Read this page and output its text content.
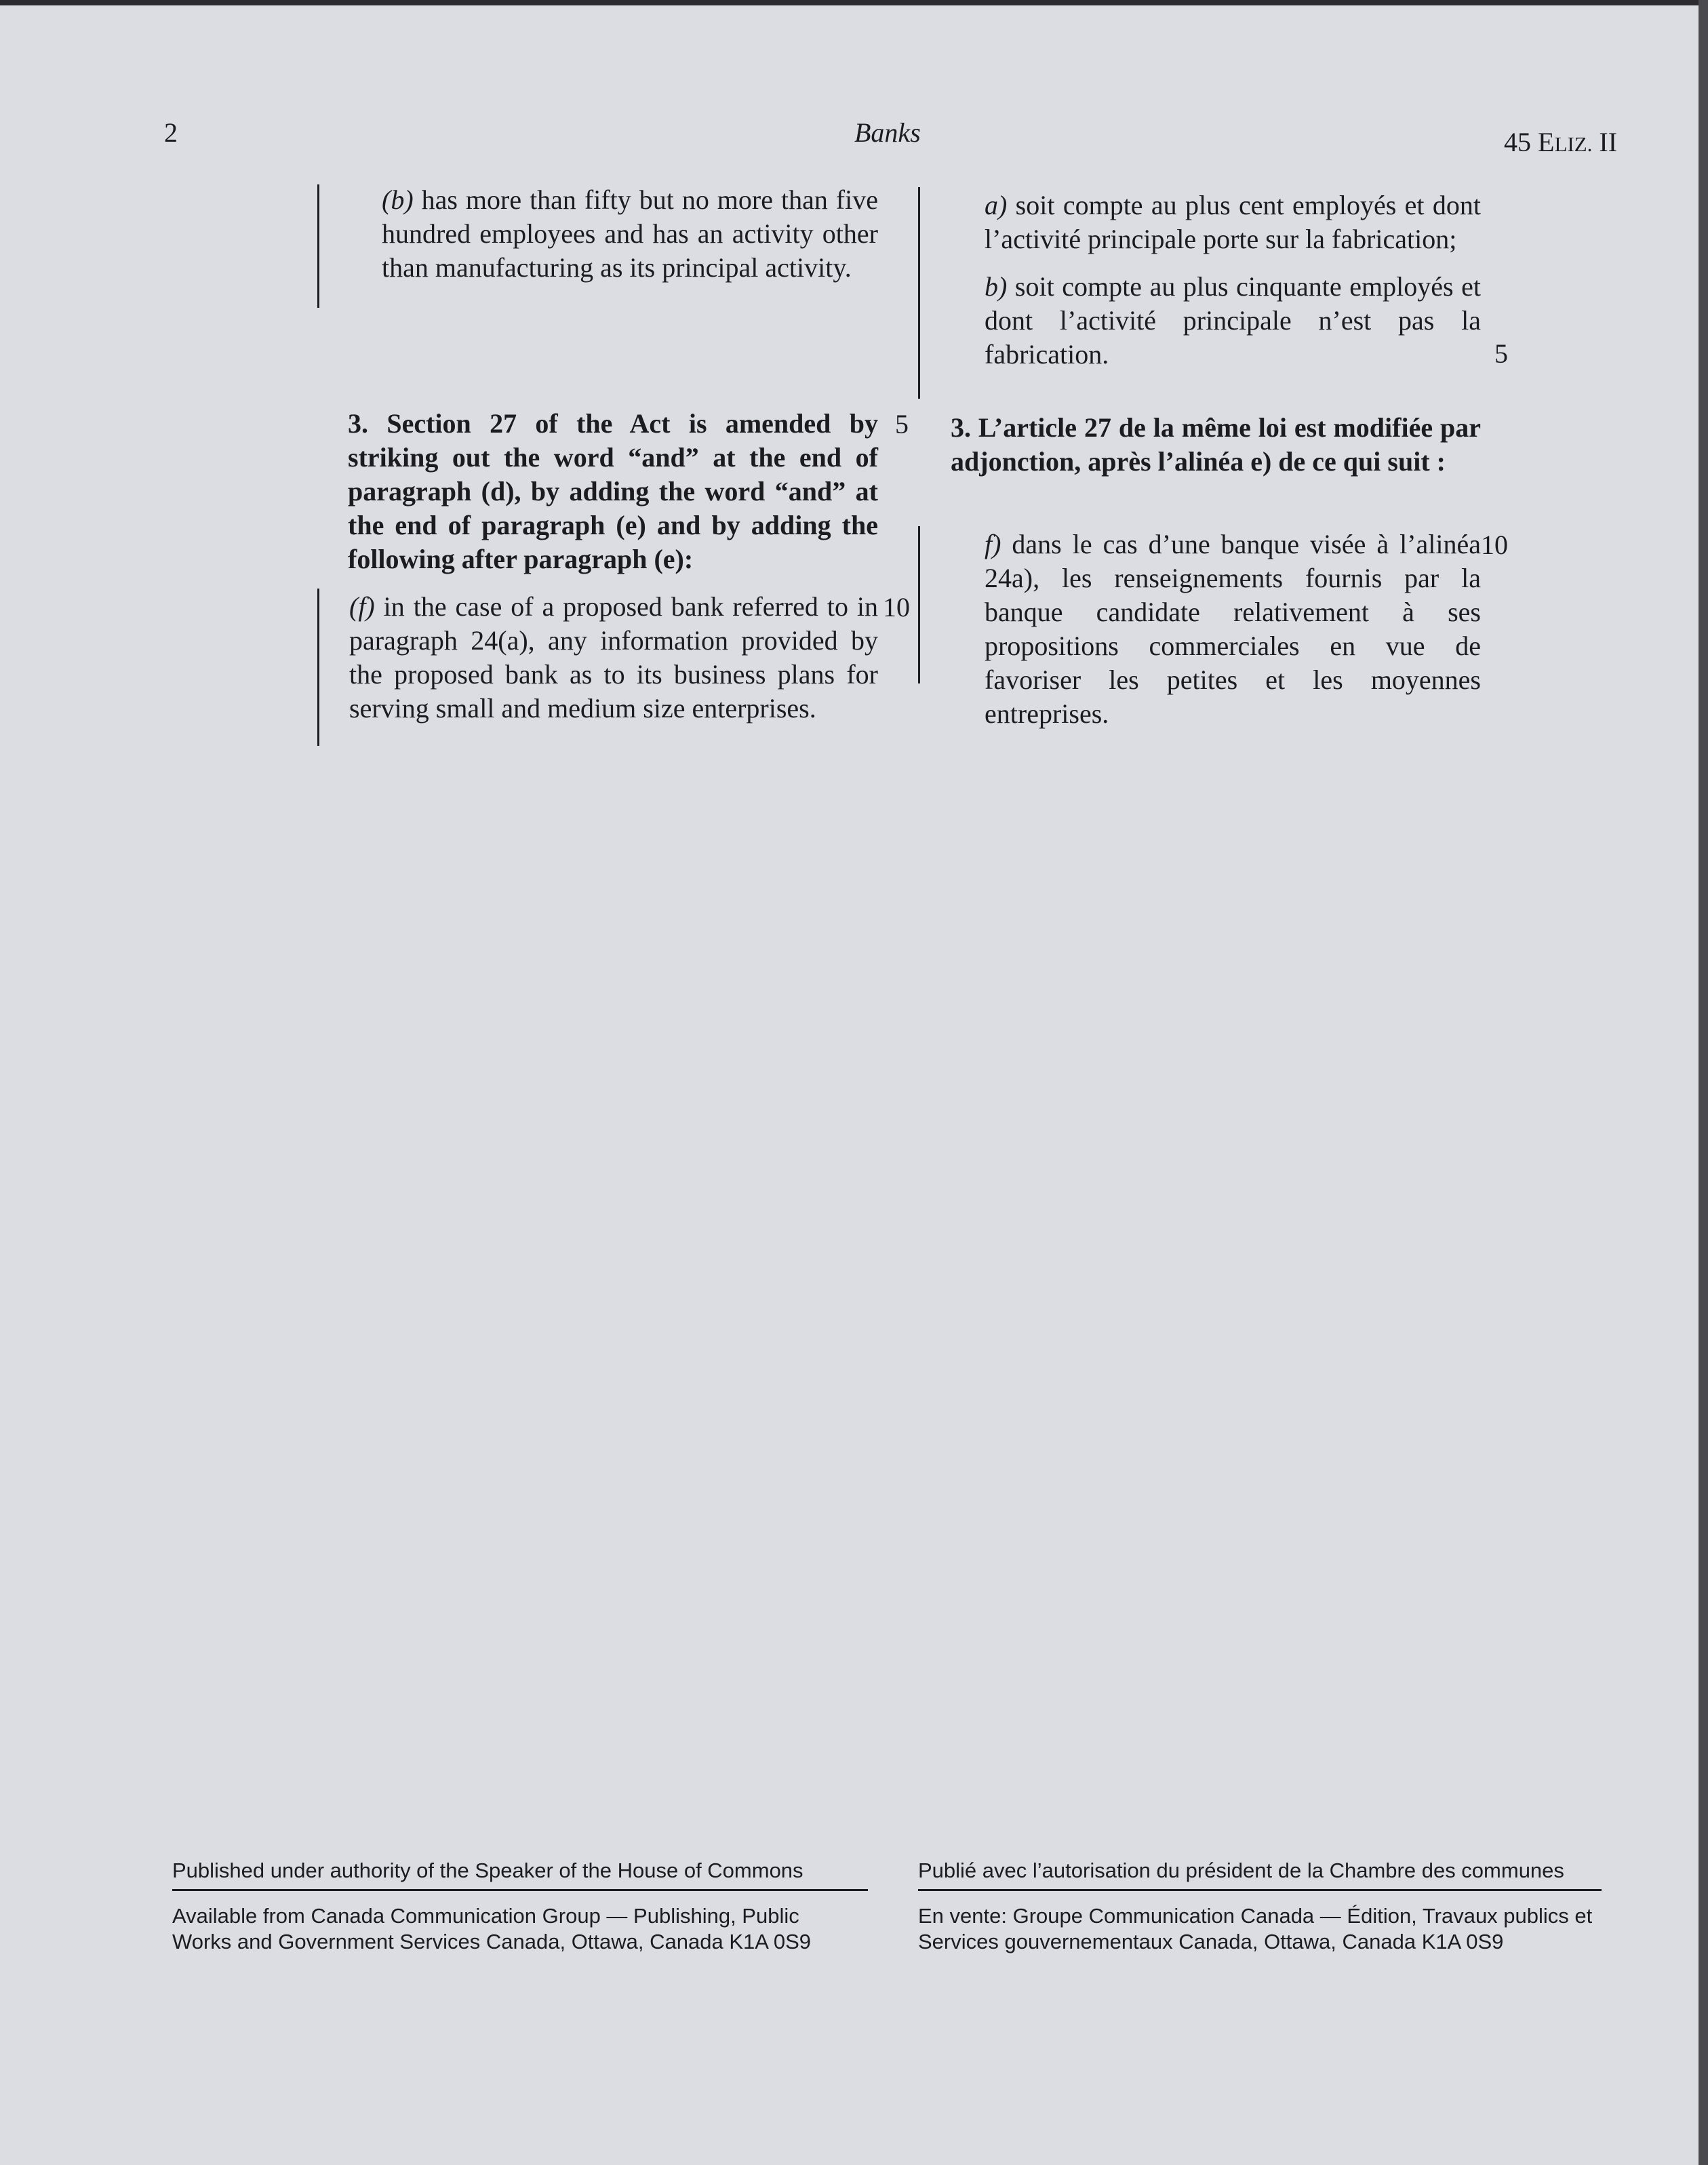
2	Banks	45 ELIZ. II

(b) has more than fifty but no more than five hundred employees and has an activity other than manufacturing as its principal activity.

3. Section 27 of the Act is amended by striking out the word “and” at the end of paragraph (d), by adding the word “and” at the end of paragraph (e) and by adding the following after paragraph (e):

5

(f) in the case of a proposed bank referred to in paragraph 24(a), any information provided by the proposed bank as to its business plans for serving small and medium size enterprises.

10

a) soit compte au plus cent employés et dont l’activité principale porte sur la fabrication;

b) soit compte au plus cinquante employés et dont l’activité principale n’est pas la fabrication.	5

3. L’article 27 de la même loi est modifiée par adjonction, après l’alinéa e) de ce qui suit :

f) dans le cas d’une banque visée à l’alinéa 24a), les renseignements fournis par la banque candidate relativement à ses propositions commerciales en vue de favoriser les petites et les moyennes entreprises.

10
Published under authority of the Speaker of the House of Commons
Available from Canada Communication Group — Publishing, Public Works and Government Services Canada, Ottawa, Canada K1A 0S9
Publié avec l’autorisation du président de la Chambre des communes
En vente: Groupe Communication Canada — Édition, Travaux publics et Services gouvernementaux Canada, Ottawa, Canada K1A 0S9
